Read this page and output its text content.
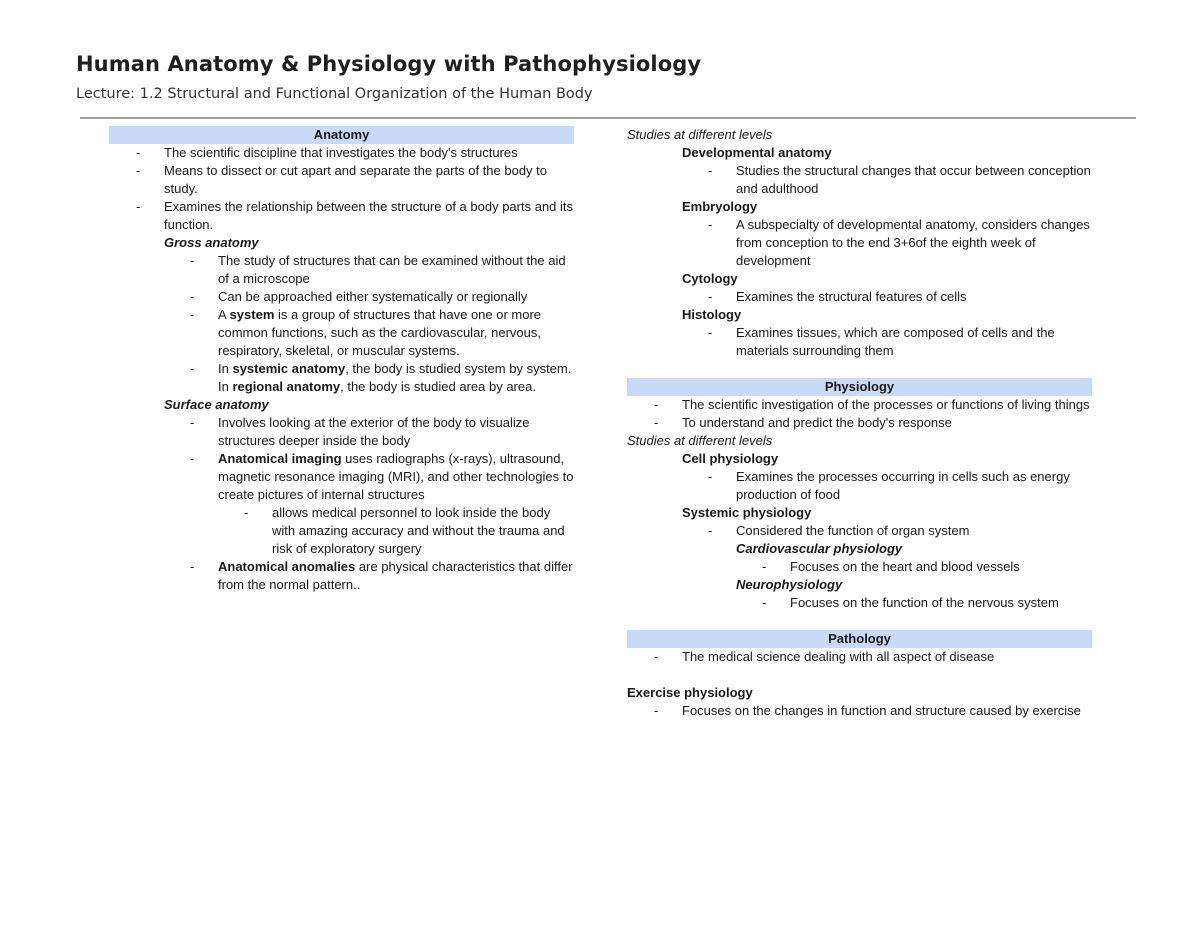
Human Anatomy & Physiology with Pathophysiology
Lecture: 1.2 Structural and Functional Organization of the Human Body
Anatomy
- The scientific discipline that investigates the body's structures
- Means to dissect or cut apart and separate the parts of the body to study.
- Examines the relationship between the structure of a body parts and its function.
Gross anatomy
- The study of structures that can be examined without the aid of a microscope
- Can be approached either systematically or regionally
- A system is a group of structures that have one or more common functions, such as the cardiovascular, nervous, respiratory, skeletal, or muscular systems.
- In systemic anatomy, the body is studied system by system. In regional anatomy, the body is studied area by area.
Surface anatomy
- Involves looking at the exterior of the body to visualize structures deeper inside the body
- Anatomical imaging uses radiographs (x-rays), ultrasound, magnetic resonance imaging (MRI), and other technologies to create pictures of internal structures
- allows medical personnel to look inside the body with amazing accuracy and without the trauma and risk of exploratory surgery
- Anatomical anomalies are physical characteristics that differ from the normal pattern..
Studies at different levels
Developmental anatomy
- Studies the structural changes that occur between conception and adulthood
Embryology
- A subspecialty of developmental anatomy, considers changes from conception to the end 3+6of the eighth week of development
Cytology
- Examines the structural features of cells
Histology
- Examines tissues, which are composed of cells and the materials surrounding them
Physiology
- The scientific investigation of the processes or functions of living things
- To understand and predict the body's response
Studies at different levels
Cell physiology
- Examines the processes occurring in cells such as energy production of food
Systemic physiology
- Considered the function of organ system
Cardiovascular physiology
- Focuses on the heart and blood vessels
Neurophysiology
- Focuses on the function of the nervous system
Pathology
- The medical science dealing with all aspect of disease
Exercise physiology
- Focuses on the changes in function and structure caused by exercise
